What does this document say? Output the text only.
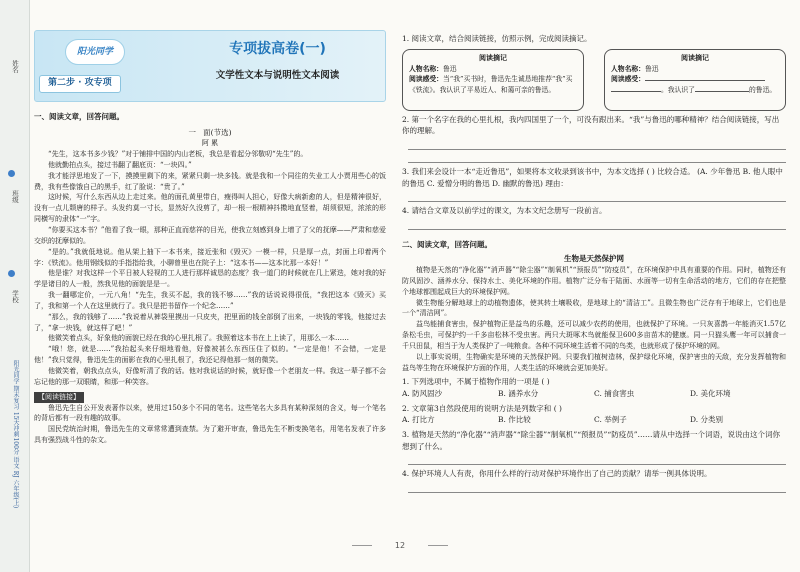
姓名
班级
学校
阳光同学 期末复习 15天冲刺100分 语文 RJ 六年级(上)
阳光同学
第二步 · 攻专项
专项拔高卷(一)
文学性文本与说明性文本阅读
一、阅读文章，回答问题。
一 面(节选)
阿 累

“先生，这本书多少钱？”对于铺排中国的内山老板，我总是看起分邻敬叨“先生”的。

他就勤拍点头，接过书翻了翻底页：“一块四。”

我才能浮思地发了一下，摸摸里剩下的来，紧紧只剩一块多钱。就是我和一个同往的失业工人小贾用些心的饭费，我有些像饿自己的黑手，红了脸说：“贵了。”

这时候，写什么东西从边上走过来。他的面孔黄里带白，瘦得叫人担心，好像大病新愈的人，但是精神很好，没有一点儿颓唐的样子。头发约莫一寸长，显然好久没剪了，却一根一根精神抖擞地直竖着，胡须很短，浓浓的形同横写的隶体“一”字。

“你要买这本书？”他看了我一眼，那种正直而慈祥的目光，使我立刻感到身上增了了父的抚摩——严肃和慈爱交织的抚摩似的。

“是的。”我就低地说。他从架上抽下一本书来，接近张和《毁灭》一模一样，只是厚一点，封面上印着两个字：《铁流》。他用钢线似的手指指给我，小聊曾里也在院子上：“这本书——这本比那一本好！”

他是谁？对我这样一个平日被人轻视的工人进行那样诚恳的态度？我一道门的时候就在几上紧迭，她对我的好学是诸目的人一般，然我见他的面貌是是一。

我一翻哪定价，一元八角！“先生，我买不起，我的钱不够……”我的话说说得很低，“我把这本《毁灭》买了，我和第一个人在这里就行了。我只是把书留作一个纪念……”

“那么，我的钱够了……”我说着从裤袋里摸出一只皮夹，把里面的钱全部倒了出来，一块钱的零钱，他接过去了，“拿一块钱，就这样了吧！”

他微笑着点头，好象他的面貌已经在我的心里扎根了。我照着这本书在上上读了，用那么一本……

“哦！您，就是……”我抬起头来仔细地看他，好像被甚么东西压住了似的。“一定是他！不会错，一定是他！”我只觉得，鲁迅先生的面影在我的心里扎根了，我还记得他那一刻的微笑。

他微笑着，朝我点点头，好像听清了我的话。他对我说话的时候，就好像一个老朋友一样。我这一辈子都不会忘记他的那一双眼睛，和那一种笑容。

【阅读链接】

鲁迅先生自公开发表著作以来，使用过150多个不同的笔名。这些笔名大多具有某种深刻的含义，每一个笔名的背后都有一段有趣的故事。

国民党统治时期，鲁迅先生的文章常常遭到查禁。为了避开审查，鲁迅先生不断变换笔名，用笔名发表了许多具有强烈战斗性的杂文。

1. 阅读文章，结合阅读链接，仿照示例，完成阅读摘记。
阅读摘记
人物名称：鲁迅
阅读感受：当“我”买书时，鲁迅先生诚恳地推荐“我”买《铁流》。我认识了平易近人、和蔼可亲的鲁迅。
阅读摘记
人物名称：鲁迅
阅读感受：
。我认识了	的鲁迅。
2. 第一个名字在我的心里扎根，我内四国里了一个，可没有跟出来。“我”与鲁迅的哪种精神？结合阅读链接，写出你的理解。
3. 我们来会设计一本“走近鲁迅”，如果将本文收录到该书中，为本文选择 ( ) 比较合适。 (A. 少年鲁迅 B. 他人眼中的鲁迅 C. 爱憎分明的鲁迅 D. 幽默的鲁迅) 理由：
4. 请结合文章及以前学过的课文，为本文纪念册写一段前言。
二、阅读文章，回答问题。
生物是天然保护网

植物是天然的“净化器”“消声器”“除尘器”“制氧机”“预报员”“防疫员”，在环境保护中具有重要的作用。同时，植物还有防风固沙、涵养水分、保持水土、美化环境的作用。植物广泛分布于陆面、水面等一切有生命活动的地方，它们的存在把整个地球都围起成巨大的环境保护网。

微生物能分解地球上的动植物遗体，使其转土壤吸收，是地球上的“清洁工”。且微生物也广泛存有于地球上，它们也是一个“清洁网”。

益鸟能捕食害虫，保护植物正是益鸟的乐趣，还可以减少农药的使用，也就保护了环境。一只灰喜鹊一年能消灭1.57亿条松毛虫，可保护约一千多亩松林不受虫害。两只大斑啄木鸟就能保卫600多亩苗木的健康。同一只猫头鹰一年可以捕食一千只田鼠，相当于为人类保护了一吨粮食。各种不同环境生活着不同的鸟类，也就形成了保护环境的网。

以上事实说明，生物确实是环境的天然保护网。只要我们植树造林，保护绿化环境，保护害虫的天敌，充分发挥植物和益鸟等生物在环境保护方面的作用，人类生活的环境就会更加美好。

1. 下列选项中，不属于植物作用的一项是 ( )
A. 防风固沙	B. 涵养水分	C. 捕食害虫	D. 美化环境
2. 文章第3自然段使用的说明方法是列数字和 ( )
A. 打比方	B. 作比较	C. 举例子	D. 分类别
3. 植物是天然的“净化器”“消声器”“除尘器”“制氧机”“预报员”“防疫员”……请从中选择一个词语，说说由这个词你想到了什么。
4. 保护环境人人有责，你用什么样的行动对保护环境作出了自己的贡献？请举一例具体说明。
12
